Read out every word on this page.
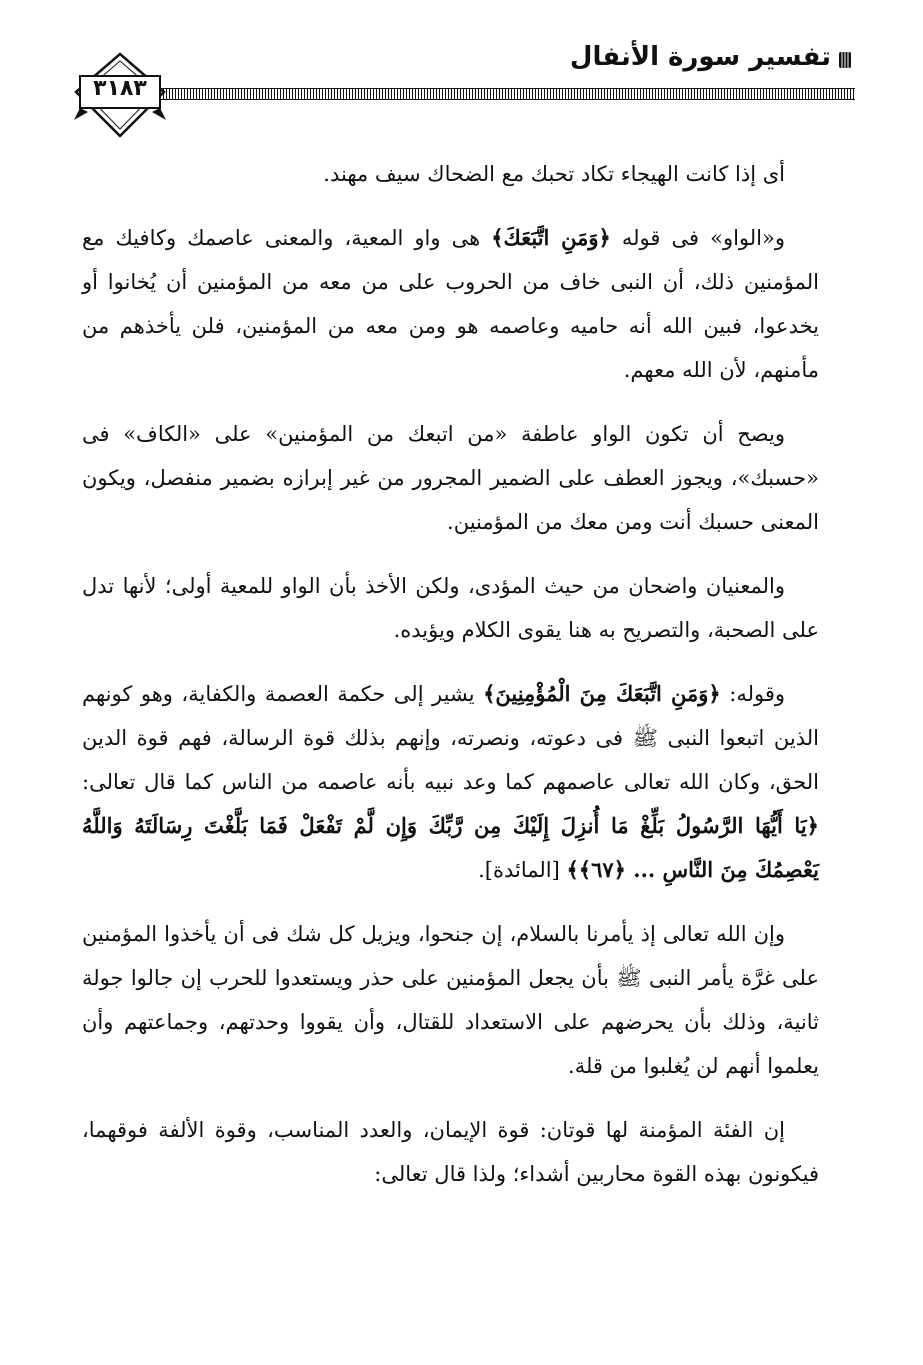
تفسير سورة الأنفال
٣١٨٣

أى إذا كانت الهيجاء تكاد تحبك مع الضحاك سيف مهند.

و«الواو» فى قوله ﴿وَمَنِ اتَّبَعَكَ﴾ هى واو المعية، والمعنى عاصمك وكافيك مع المؤمنين ذلك، أن النبى خاف من الحروب على من معه من المؤمنين أن يُخانوا أو يخدعوا، فبين الله أنه حاميه وعاصمه هو ومن معه من المؤمنين، فلن يأخذهم من مأمنهم، لأن الله معهم.

ويصح أن تكون الواو عاطفة «من اتبعك من المؤمنين» على «الكاف» فى «حسبك»، ويجوز العطف على الضمير المجرور من غير إبرازه بضمير منفصل، ويكون المعنى حسبك أنت ومن معك من المؤمنين.

والمعنيان واضحان من حيث المؤدى، ولكن الأخذ بأن الواو للمعية أولى؛ لأنها تدل على الصحبة، والتصريح به هنا يقوى الكلام ويؤيده.

وقوله: ﴿وَمَنِ اتَّبَعَكَ مِنَ الْمُؤْمِنِينَ﴾ يشير إلى حكمة العصمة والكفاية، وهو كونهم الذين اتبعوا النبى ﷺ فى دعوته، ونصرته، وإنهم بذلك قوة الرسالة، فهم قوة الدين الحق، وكان الله تعالى عاصمهم كما وعد نبيه بأنه عاصمه من الناس كما قال تعالى: ﴿يَا أَيُّهَا الرَّسُولُ بَلِّغْ مَا أُنزِلَ إِلَيْكَ مِن رَّبِّكَ وَإِن لَّمْ تَفْعَلْ فَمَا بَلَّغْتَ رِسَالَتَهُ وَاللَّهُ يَعْصِمُكَ مِنَ النَّاسِ ... ﴿٦٧﴾﴾ [المائدة].

وإن الله تعالى إذ يأمرنا بالسلام، إن جنحوا، ويزيل كل شك فى أن يأخذوا المؤمنين على غرَّة يأمر النبى ﷺ بأن يجعل المؤمنين على حذر ويستعدوا للحرب إن جالوا جولة ثانية، وذلك بأن يحرضهم على الاستعداد للقتال، وأن يقووا وحدتهم، وجماعتهم وأن يعلموا أنهم لن يُغلبوا من قلة.

إن الفئة المؤمنة لها قوتان: قوة الإيمان، والعدد المناسب، وقوة الألفة فوقهما، فيكونون بهذه القوة محاربين أشداء؛ ولذا قال تعالى:
